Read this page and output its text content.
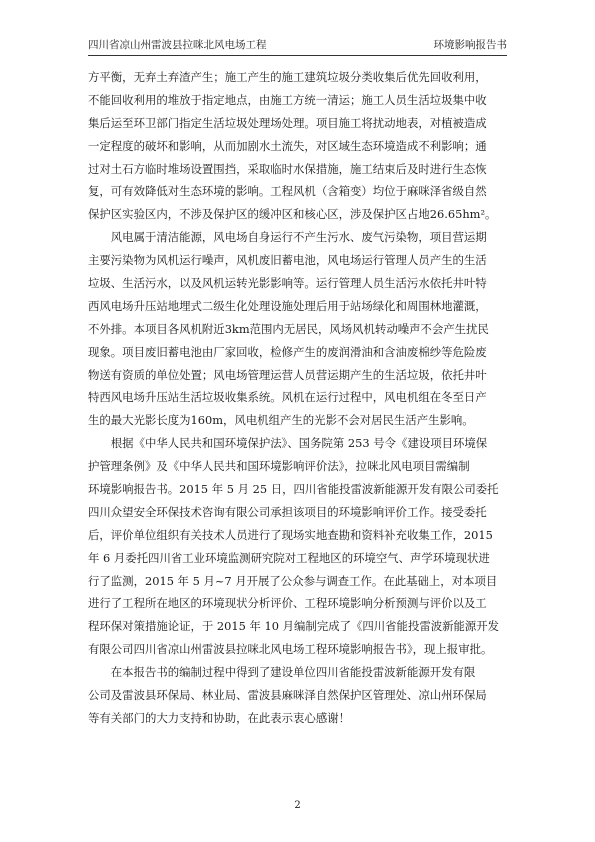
四川省凉山州雷波县拉咪北风电场工程	环境影响报告书
方平衡，无弃土弃渣产生；施工产生的施工建筑垃圾分类收集后优先回收利用，
不能回收利用的堆放于指定地点，由施工方统一清运；施工人员生活垃圾集中收
集后运至环卫部门指定生活垃圾处理场处理。项目施工将扰动地表，对植被造成
一定程度的破坏和影响，从而加剧水土流失，对区域生态环境造成不利影响；通
过对土石方临时堆场设置围挡，采取临时水保措施，施工结束后及时进行生态恢
复，可有效降低对生态环境的影响。工程风机（含箱变）均位于麻咪泽省级自然
保护区实验区内，不涉及保护区的缓冲区和核心区，涉及保护区占地26.65hm²。
　　风电属于清洁能源，风电场自身运行不产生污水、废气污染物，项目营运期
主要污染物为风机运行噪声，风机废旧蓄电池，风电场运行管理人员产生的生活
垃圾、生活污水，以及风机运转光影影响等。运行管理人员生活污水依托井叶特
西风电场升压站地埋式二级生化处理设施处理后用于站场绿化和周围林地灌溉，
不外排。本项目各风机附近3km范围内无居民，风场风机转动噪声不会产生扰民
现象。项目废旧蓄电池由厂家回收，检修产生的废润滑油和含油废棉纱等危险废
物送有资质的单位处置；风电场管理运营人员营运期产生的生活垃圾，依托井叶
特西风电场升压站生活垃圾收集系统。风机在运行过程中，风电机组在冬至日产
生的最大光影长度为160m，风电机组产生的光影不会对居民生活产生影响。
　　根据《中华人民共和国环境保护法》、国务院第 253 号令《建设项目环境保
护管理条例》及《中华人民共和国环境影响评价法》，拉咪北风电项目需编制
环境影响报告书。2015 年 5 月 25 日，四川省能投雷波新能源开发有限公司委托
四川众望安全环保技术咨询有限公司承担该项目的环境影响评价工作。接受委托
后，评价单位组织有关技术人员进行了现场实地查勘和资料补充收集工作，2015
年 6 月委托四川省工业环境监测研究院对工程地区的环境空气、声学环境现状进
行了监测，2015 年 5 月~7 月开展了公众参与调查工作。在此基础上，对本项目
进行了工程所在地区的环境现状分析评价、工程环境影响分析预测与评价以及工
程环保对策措施论证，于 2015 年 10 月编制完成了《四川省能投雷波新能源开发
有限公司四川省凉山州雷波县拉咪北风电场工程环境影响报告书》，现上报审批。
　　在本报告书的编制过程中得到了建设单位四川省能投雷波新能源开发有限
公司及雷波县环保局、林业局、雷波县麻咪泽自然保护区管理处、凉山州环保局
等有关部门的大力支持和协助，在此表示衷心感谢！
2
